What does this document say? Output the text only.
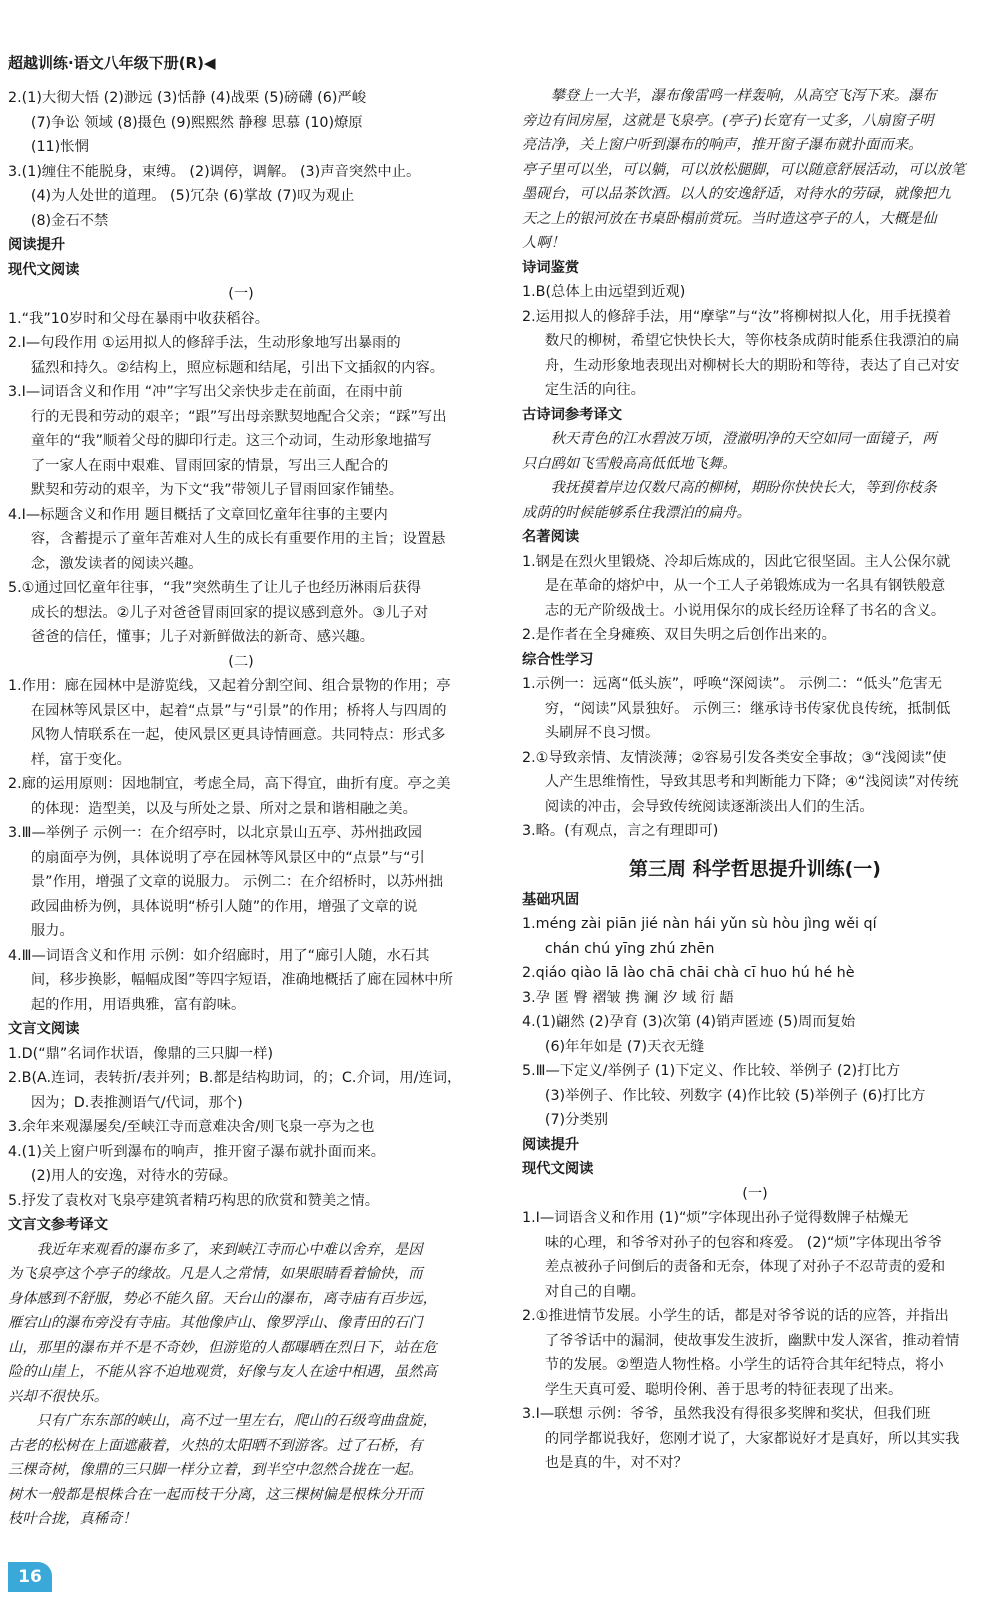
超越训练·语文八年级下册(R)◀

2.(1)大彻大悟 (2)渺远 (3)恬静 (4)战栗 (5)磅礴 (6)严峻

(7)争讼 领域 (8)摄色 (9)熙熙然 静穆 思慕 (10)燎原

(11)怅惘

3.(1)缠住不能脱身，束缚。 (2)调停，调解。 (3)声音突然中止。

(4)为人处世的道理。 (5)冗杂 (6)掌故 (7)叹为观止

(8)金石不禁

阅读提升

现代文阅读

(一)

1.“我”10岁时和父母在暴雨中收获稻谷。

2.Ⅰ—句段作用 ①运用拟人的修辞手法，生动形象地写出暴雨的

猛烈和持久。②结构上，照应标题和结尾，引出下文插叙的内容。

3.Ⅰ—词语含义和作用 “冲”字写出父亲快步走在前面，在雨中前

行的无畏和劳动的艰辛；“跟”写出母亲默契地配合父亲；“踩”写出

童年的“我”顺着父母的脚印行走。这三个动词，生动形象地描写

了一家人在雨中艰难、冒雨回家的情景，写出三人配合的

默契和劳动的艰辛，为下文“我”带领儿子冒雨回家作铺垫。

4.Ⅰ—标题含义和作用 题目概括了文章回忆童年往事的主要内

容，含蓄提示了童年苦难对人生的成长有重要作用的主旨；设置悬

念，激发读者的阅读兴趣。

5.①通过回忆童年往事，“我”突然萌生了让儿子也经历淋雨后获得

成长的想法。②儿子对爸爸冒雨回家的提议感到意外。③儿子对

爸爸的信任，懂事；儿子对新鲜做法的新奇、感兴趣。

(二)

1.作用：廊在园林中是游览线，又起着分割空间、组合景物的作用；亭

在园林等风景区中，起着“点景”与“引景”的作用；桥将人与四周的

风物人情联系在一起，使风景区更具诗情画意。共同特点：形式多

样，富于变化。

2.廊的运用原则：因地制宜，考虑全局，高下得宜，曲折有度。亭之美

的体现：造型美，以及与所处之景、所对之景和谐相融之美。

3.Ⅲ—举例子 示例一：在介绍亭时，以北京景山五亭、苏州拙政园

的扇面亭为例，具体说明了亭在园林等风景区中的“点景”与“引

景”作用，增强了文章的说服力。 示例二：在介绍桥时，以苏州拙

政园曲桥为例，具体说明“桥引人随”的作用，增强了文章的说

服力。

4.Ⅲ—词语含义和作用 示例：如介绍廊时，用了“廊引人随，水石其

间，移步换影，幅幅成图”等四字短语，准确地概括了廊在园林中所

起的作用，用语典雅，富有韵味。

文言文阅读

1.D(“鼎”名词作状语，像鼎的三只脚一样)

2.B(A.连词，表转折/表并列；B.都是结构助词，的；C.介词，用/连词，

因为；D.表推测语气/代词，那个)

3.余年来观瀑屡矣/至峡江寺而意难决舍/则飞泉一亭为之也

4.(1)关上窗户听到瀑布的响声，推开窗子瀑布就扑面而来。

(2)用人的安逸，对待水的劳碌。

5.抒发了袁枚对飞泉亭建筑者精巧构思的欣赏和赞美之情。

文言文参考译文

我近年来观看的瀑布多了，来到峡江寺而心中难以舍弃，是因

为飞泉亭这个亭子的缘故。凡是人之常情，如果眼睛看着愉快，而

身体感到不舒服，势必不能久留。天台山的瀑布，离寺庙有百步远，

雁宕山的瀑布旁没有寺庙。其他像庐山、像罗浮山、像青田的石门

山，那里的瀑布并不是不奇妙，但游览的人都曝晒在烈日下，站在危

险的山崖上，不能从容不迫地观赏，好像与友人在途中相遇，虽然高

兴却不很快乐。

只有广东东部的峡山，高不过一里左右，爬山的石级弯曲盘旋，

古老的松树在上面遮蔽着，火热的太阳晒不到游客。过了石桥，有

三棵奇树，像鼎的三只脚一样分立着，到半空中忽然合拢在一起。

树木一般都是根株合在一起而枝干分离，这三棵树偏是根株分开而

枝叶合拢，真稀奇！

攀登上一大半，瀑布像雷鸣一样轰响，从高空飞泻下来。瀑布

旁边有间房屋，这就是飞泉亭。(亭子)长宽有一丈多，八扇窗子明

亮洁净，关上窗户听到瀑布的响声，推开窗子瀑布就扑面而来。

亭子里可以坐，可以躺，可以放松腿脚，可以随意舒展活动，可以放笔

墨砚台，可以品茶饮酒。以人的安逸舒适，对待水的劳碌，就像把九

天之上的银河放在书桌卧榻前赏玩。当时造这亭子的人，大概是仙

人啊！

诗词鉴赏

1.B(总体上由远望到近观)

2.运用拟人的修辞手法，用“摩挲”与“汝”将柳树拟人化，用手抚摸着

数尺的柳树，希望它快快长大，等你枝条成荫时能系住我漂泊的扁

舟，生动形象地表现出对柳树长大的期盼和等待，表达了自己对安

定生活的向往。

古诗词参考译文

秋天青色的江水碧波万顷，澄澈明净的天空如同一面镜子，两

只白鸥如飞雪般高高低低地飞舞。

我抚摸着岸边仅数尺高的柳树，期盼你快快长大，等到你枝条

成荫的时候能够系住我漂泊的扁舟。

名著阅读

1.钢是在烈火里锻烧、冷却后炼成的，因此它很坚固。主人公保尔就

是在革命的熔炉中，从一个工人子弟锻炼成为一名具有钢铁般意

志的无产阶级战士。小说用保尔的成长经历诠释了书名的含义。

2.是作者在全身瘫痪、双目失明之后创作出来的。

综合性学习

1.示例一：远离“低头族”，呼唤“深阅读”。 示例二：“低头”危害无

穷，“阅读”风景独好。 示例三：继承诗书传家优良传统，抵制低

头刷屏不良习惯。

2.①导致亲情、友情淡薄；②容易引发各类安全事故；③“浅阅读”使

人产生思维惰性，导致其思考和判断能力下降；④“浅阅读”对传统

阅读的冲击，会导致传统阅读逐渐淡出人们的生活。

3.略。(有观点，言之有理即可)

第三周 科学哲思提升训练(一)

基础巩固

1.méng zài piān jié nàn hái yǔn sù hòu jìng wěi qí

chán chú yīng zhú zhēn

2.qiáo qiào lā lào chā chāi chà cī huo hú hé hè

3.孕 匿 臀 褶皱 携 澜 汐 域 衍 龉

4.(1)翩然 (2)孕育 (3)次第 (4)销声匿迹 (5)周而复始

(6)年年如是 (7)天衣无缝

5.Ⅲ—下定义/举例子 (1)下定义、作比较、举例子 (2)打比方

(3)举例子、作比较、列数字 (4)作比较 (5)举例子 (6)打比方

(7)分类别

阅读提升

现代文阅读

(一)

1.Ⅰ—词语含义和作用 (1)“烦”字体现出孙子觉得数牌子枯燥无

味的心理，和爷爷对孙子的包容和疼爱。 (2)“烦”字体现出爷爷

差点被孙子问倒后的责备和无奈，体现了对孙子不忍苛责的爱和

对自己的自嘲。

2.①推进情节发展。小学生的话，都是对爷爷说的话的应答，并指出

了爷爷话中的漏洞，使故事发生波折，幽默中发人深省，推动着情

节的发展。②塑造人物性格。小学生的话符合其年纪特点，将小

学生天真可爱、聪明伶俐、善于思考的特征表现了出来。

3.Ⅰ—联想 示例：爷爷，虽然我没有得很多奖牌和奖状，但我们班

的同学都说我好，您刚才说了，大家都说好才是真好，所以其实我

也是真的牛，对不对？

16
